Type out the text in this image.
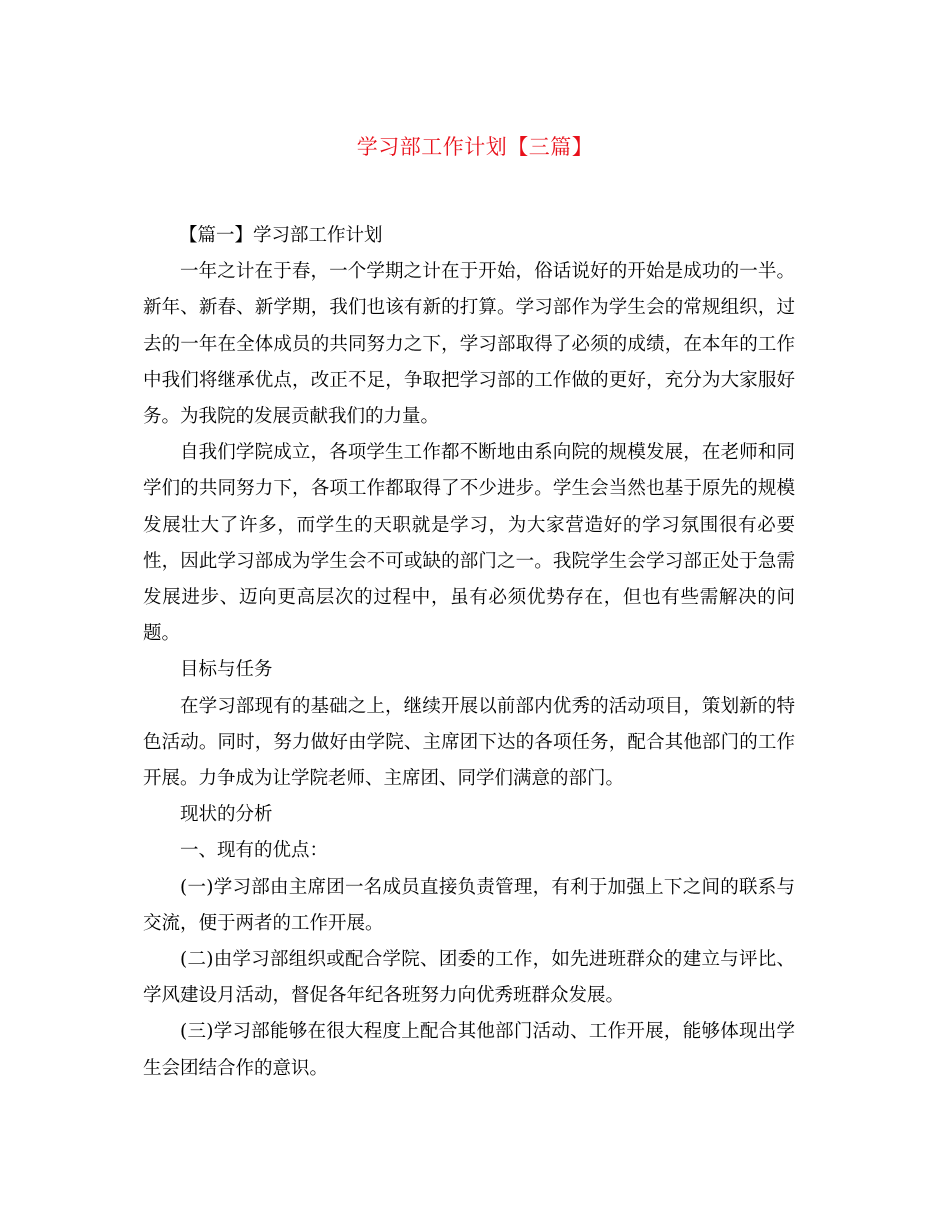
学习部工作计划【三篇】

【篇一】学习部工作计划

一年之计在于春，一个学期之计在于开始，俗话说好的开始是成功的一半。新年、新春、新学期，我们也该有新的打算。学习部作为学生会的常规组织，过去的一年在全体成员的共同努力之下，学习部取得了必须的成绩，在本年的工作中我们将继承优点，改正不足，争取把学习部的工作做的更好，充分为大家服好务。为我院的发展贡献我们的力量。

自我们学院成立，各项学生工作都不断地由系向院的规模发展，在老师和同学们的共同努力下，各项工作都取得了不少进步。学生会当然也基于原先的规模发展壮大了许多，而学生的天职就是学习，为大家营造好的学习氛围很有必要性，因此学习部成为学生会不可或缺的部门之一。我院学生会学习部正处于急需发展进步、迈向更高层次的过程中，虽有必须优势存在，但也有些需解决的问题。

目标与任务

在学习部现有的基础之上，继续开展以前部内优秀的活动项目，策划新的特色活动。同时，努力做好由学院、主席团下达的各项任务，配合其他部门的工作开展。力争成为让学院老师、主席团、同学们满意的部门。

现状的分析

一、现有的优点：

(一)学习部由主席团一名成员直接负责管理，有利于加强上下之间的联系与交流，便于两者的工作开展。

(二)由学习部组织或配合学院、团委的工作，如先进班群众的建立与评比、学风建设月活动，督促各年纪各班努力向优秀班群众发展。

(三)学习部能够在很大程度上配合其他部门活动、工作开展，能够体现出学生会团结合作的意识。
